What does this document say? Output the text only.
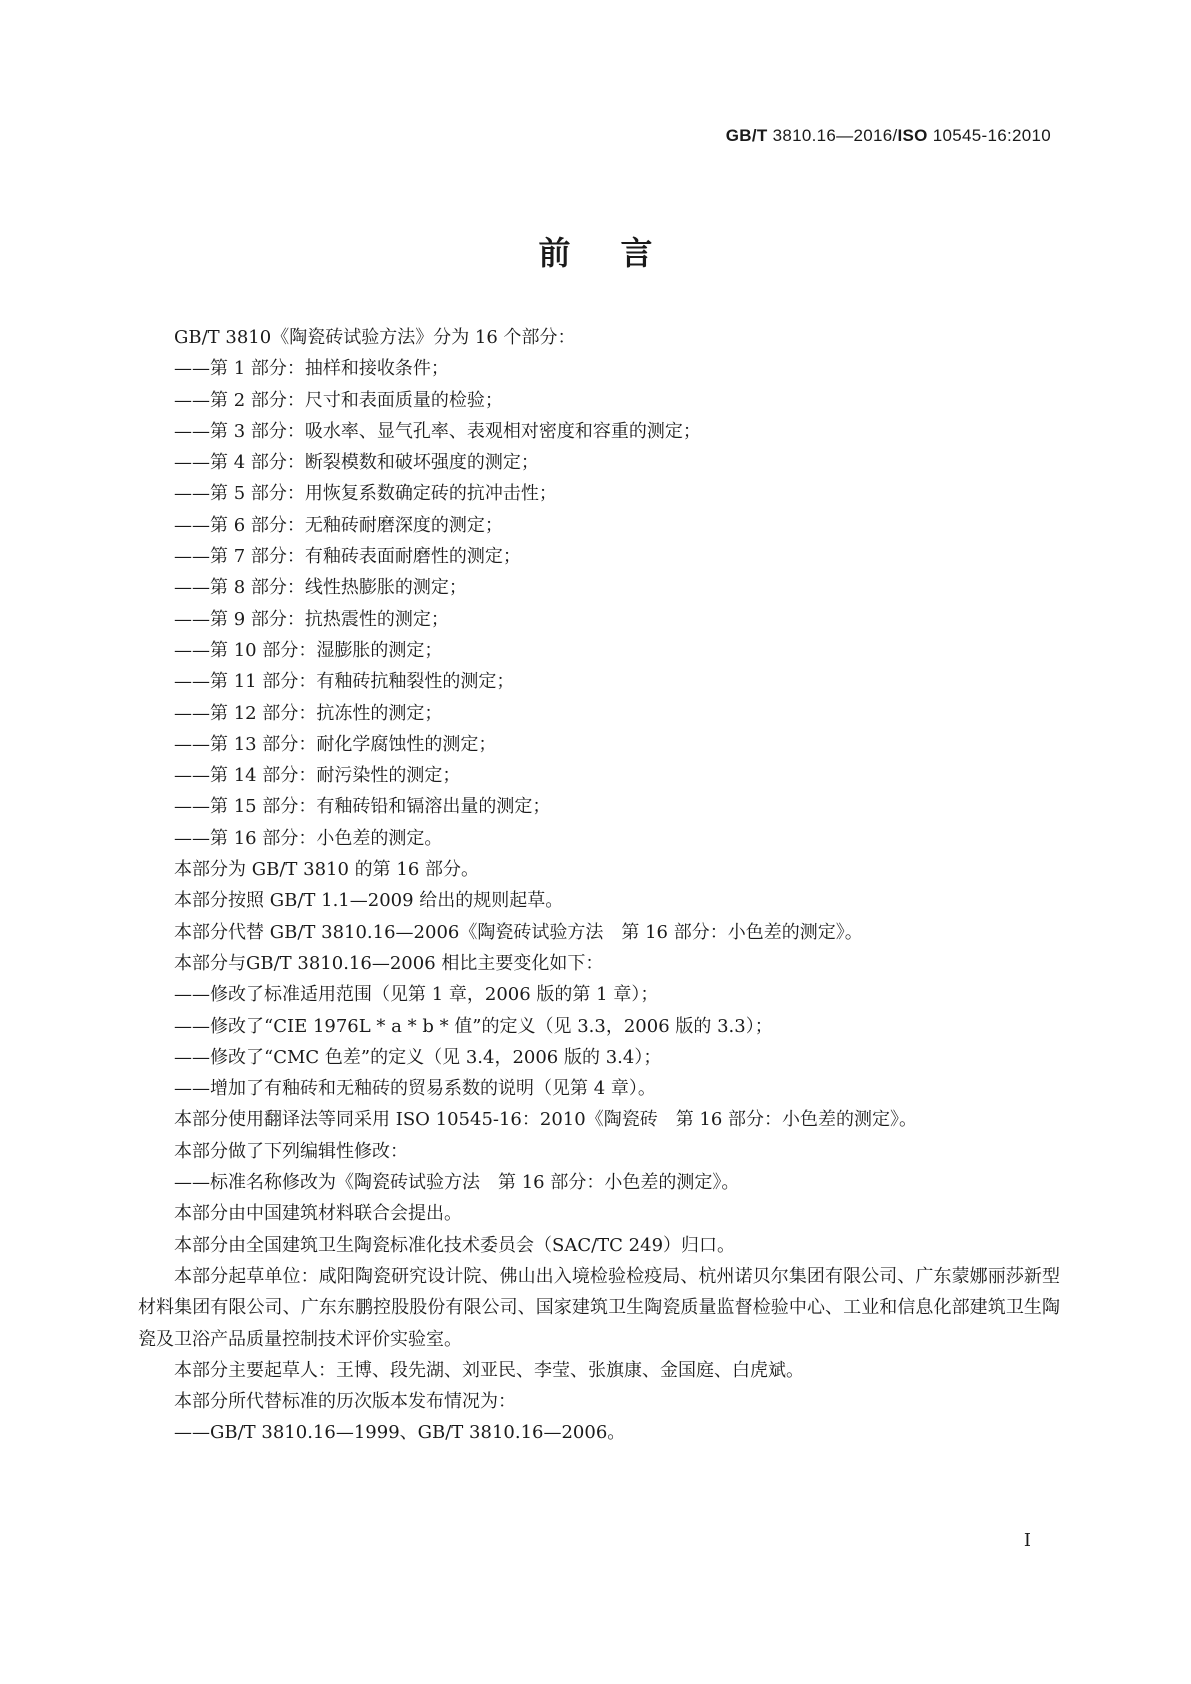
GB/T 3810.16—2016/ISO 10545-16:2010
前言
GB/T 3810《陶瓷砖试验方法》分为 16 个部分：
——第 1 部分：抽样和接收条件；
——第 2 部分：尺寸和表面质量的检验；
——第 3 部分：吸水率、显气孔率、表观相对密度和容重的测定；
——第 4 部分：断裂模数和破坏强度的测定；
——第 5 部分：用恢复系数确定砖的抗冲击性；
——第 6 部分：无釉砖耐磨深度的测定；
——第 7 部分：有釉砖表面耐磨性的测定；
——第 8 部分：线性热膨胀的测定；
——第 9 部分：抗热震性的测定；
——第 10 部分：湿膨胀的测定；
——第 11 部分：有釉砖抗釉裂性的测定；
——第 12 部分：抗冻性的测定；
——第 13 部分：耐化学腐蚀性的测定；
——第 14 部分：耐污染性的测定；
——第 15 部分：有釉砖铅和镉溶出量的测定；
——第 16 部分：小色差的测定。
本部分为 GB/T 3810 的第 16 部分。
本部分按照 GB/T 1.1—2009 给出的规则起草。
本部分代替 GB/T 3810.16—2006《陶瓷砖试验方法　第 16 部分：小色差的测定》。
本部分与GB/T 3810.16—2006 相比主要变化如下：
——修改了标准适用范围（见第 1 章，2006 版的第 1 章）；
——修改了“CIE 1976L * a * b * 值”的定义（见 3.3，2006 版的 3.3）；
——修改了“CMC 色差”的定义（见 3.4，2006 版的 3.4）；
——增加了有釉砖和无釉砖的贸易系数的说明（见第 4 章）。
本部分使用翻译法等同采用 ISO 10545-16：2010《陶瓷砖　第 16 部分：小色差的测定》。
本部分做了下列编辑性修改：
——标准名称修改为《陶瓷砖试验方法　第 16 部分：小色差的测定》。
本部分由中国建筑材料联合会提出。
本部分由全国建筑卫生陶瓷标准化技术委员会（SAC/TC 249）归口。
本部分起草单位：咸阳陶瓷研究设计院、佛山出入境检验检疫局、杭州诺贝尔集团有限公司、广东蒙娜丽莎新型材料集团有限公司、广东东鹏控股股份有限公司、国家建筑卫生陶瓷质量监督检验中心、工业和信息化部建筑卫生陶瓷及卫浴产品质量控制技术评价实验室。
本部分主要起草人：王博、段先湖、刘亚民、李莹、张旗康、金国庭、白虎斌。
本部分所代替标准的历次版本发布情况为：
——GB/T 3810.16—1999、GB/T 3810.16—2006。
I
